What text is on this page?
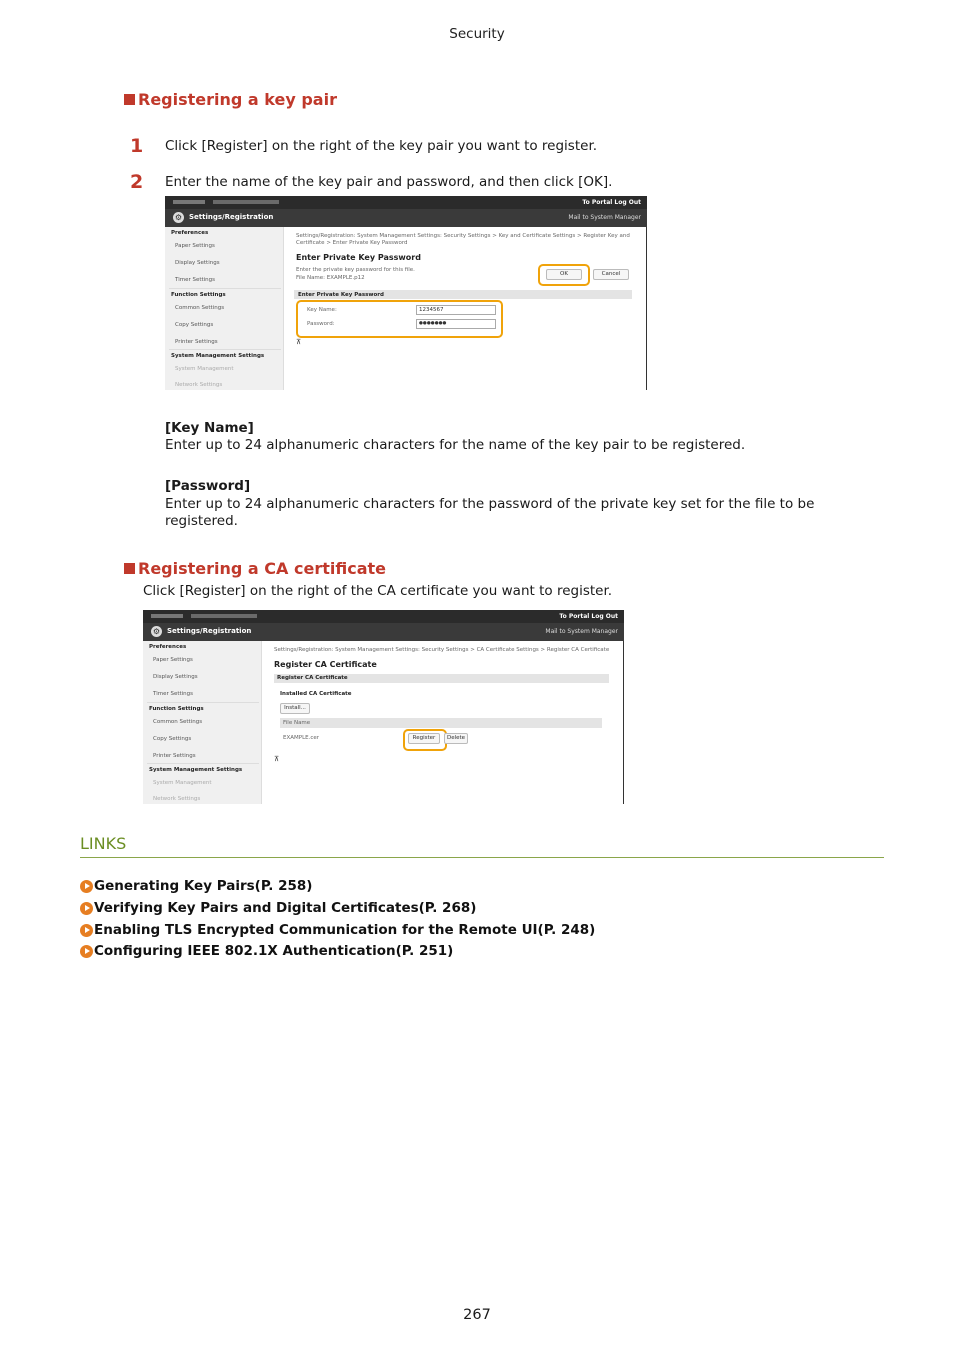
Security
Registering a key pair
1 Click [Register] on the right of the key pair you want to register.
2 Enter the name of the key pair and password, and then click [OK].
To Portal Log Out
⚙ Settings/Registration	Mail to System Manager
Preferences
Paper Settings
Display Settings
Timer Settings
Function Settings
Common Settings
Copy Settings
Printer Settings
System Management Settings
System Management
Network Settings
Settings/Registration: System Management Settings: Security Settings > Key and Certificate Settings > Register Key and Certificate > Enter Private Key Password
Enter Private Key Password
Enter the private key password for this file.
File Name: EXAMPLE.p12
OK	Cancel
Enter Private Key Password
Key Name:	1234567
Password:	●●●●●●●
⊼
[Key Name]
Enter up to 24 alphanumeric characters for the name of the key pair to be registered.
[Password]
Enter up to 24 alphanumeric characters for the password of the private key set for the file to be registered.
Registering a CA certificate
Click [Register] on the right of the CA certificate you want to register.
To Portal Log Out
⚙ Settings/Registration	Mail to System Manager
Preferences
Paper Settings
Display Settings
Timer Settings
Function Settings
Common Settings
Copy Settings
Printer Settings
System Management Settings
System Management
Network Settings
Settings/Registration: System Management Settings: Security Settings > CA Certificate Settings > Register CA Certificate
Register CA Certificate
Register CA Certificate
Installed CA Certificate
Install...
File Name
EXAMPLE.cer	Register	Delete
⊼
LINKS
Generating Key Pairs(P. 258)
Verifying Key Pairs and Digital Certificates(P. 268)
Enabling TLS Encrypted Communication for the Remote UI(P. 248)
Configuring IEEE 802.1X Authentication(P. 251)
267
